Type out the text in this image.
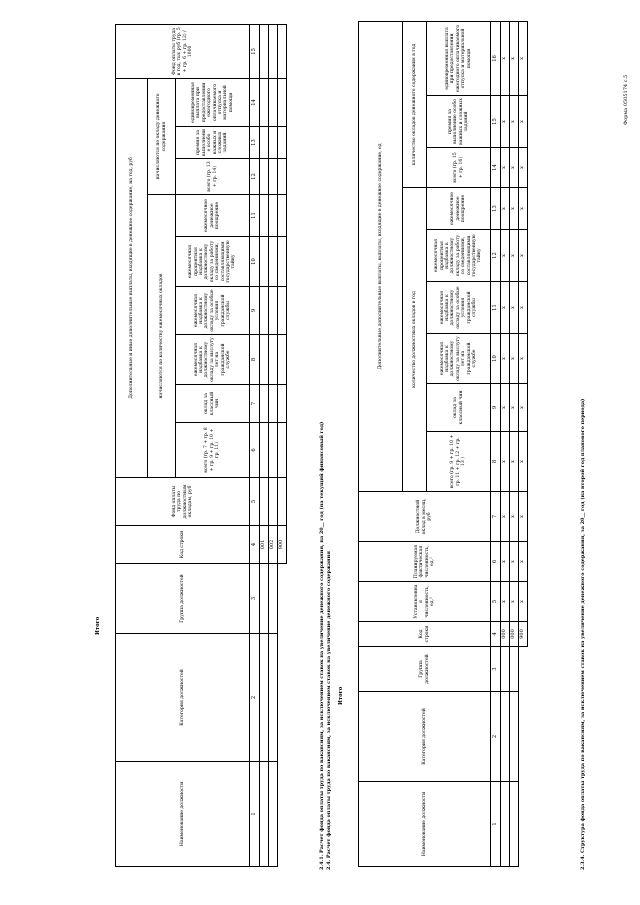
Форма 0505174 с.5
2.3.4. Структура фонда оплаты труда по вакансиям, за исключением ставок на увеличение денежного содержания, за 20__ год (на второй год планового периода)
Наименование должности	Категория должностей	Группа должностей	Код строки	Установленная численность, ед.¹	Планируемая фактическая численность, ед.²	Должностной оклад в месяц, руб	Дополнительные дополнительные выплаты, выплаты, входящие в денежное содержание, ед								
							количество должностных окладов в год						количество окладов денежного содержания в год		
							всего (гр. 9 + гр. 10 + гр. 11 + гр. 12 + гр. 13 )	оклад за классный чин	ежемесячная надбавка к должностному окладу за выслугу лет на гражданской службе	ежемесячная надбавка к должностному окладу за особые условия гражданской службы	ежемесячная процентная надбавка к должностному окладу за работу со сведениями, составляющими государственную тайну	ежемесячное денежное поощрение	всего (гр. 15 + гр. 16)	премия за выполнение особо важных и сложных заданий	единовременная выплата при предоставлении ежегодного оплачиваемого отпуска и материальной помощи
1	2	3	4	5	6	7	8	9	10	11	12	13	14	15	16
			000	x	x	x	x	x	x	x	x	x	x	x	x
			000	x	x	x	x	x	x	x	x	x	x	x	x
			900	x	x	x	x	x	x	x	x	x	x	x	x
Итого
2.4. Расчет фонда оплаты труда по вакансиям, за исключением ставок на увеличение денежного содержания
2.4.1. Расчет фонда оплаты труда по вакансиям, за исключением ставок на увеличение денежного содержания, на 20__ год (на текущий финансовый год)
Наименование должности	Категория должностей	Группа должностей	Код строки	Фонд оплаты труда по должностным окладам, руб	Дополнительные и иные дополнительные выплаты, входящие в денежное содержание, на год, руб									Фонд оплаты труда в год, тыс руб (гр. 5 + гр. 6 + гр. 12) / 1000
					начисляются по количеству ежемесячных окладов						начисляются по окладу денежного содержания			
					всего (гр. 7 + гр. 8 + гр. 9 + гр. 10 + гр. 11)	оклад за классный чин	ежемесячная надбавка к должностному окладу за выслугу лет на гражданской службе	ежемесячная надбавка к должностному окладу за особые условия гражданской службы	ежемесячная процентная надбавка к должностному окладу за работу со сведениями, составляющими государственную тайну	ежемесячное денежное поощрение	всего (гр. 13 + гр. 14)	премия за выполнение особо важных и сложных заданий	единовременная выплата при предоставлении ежегодного оплачиваемого отпуска и материальной помощи	
1	2	3	4	5	6	7	8	9	10	11	12	13	14	15
			001											
			002											
			900											
Итого
